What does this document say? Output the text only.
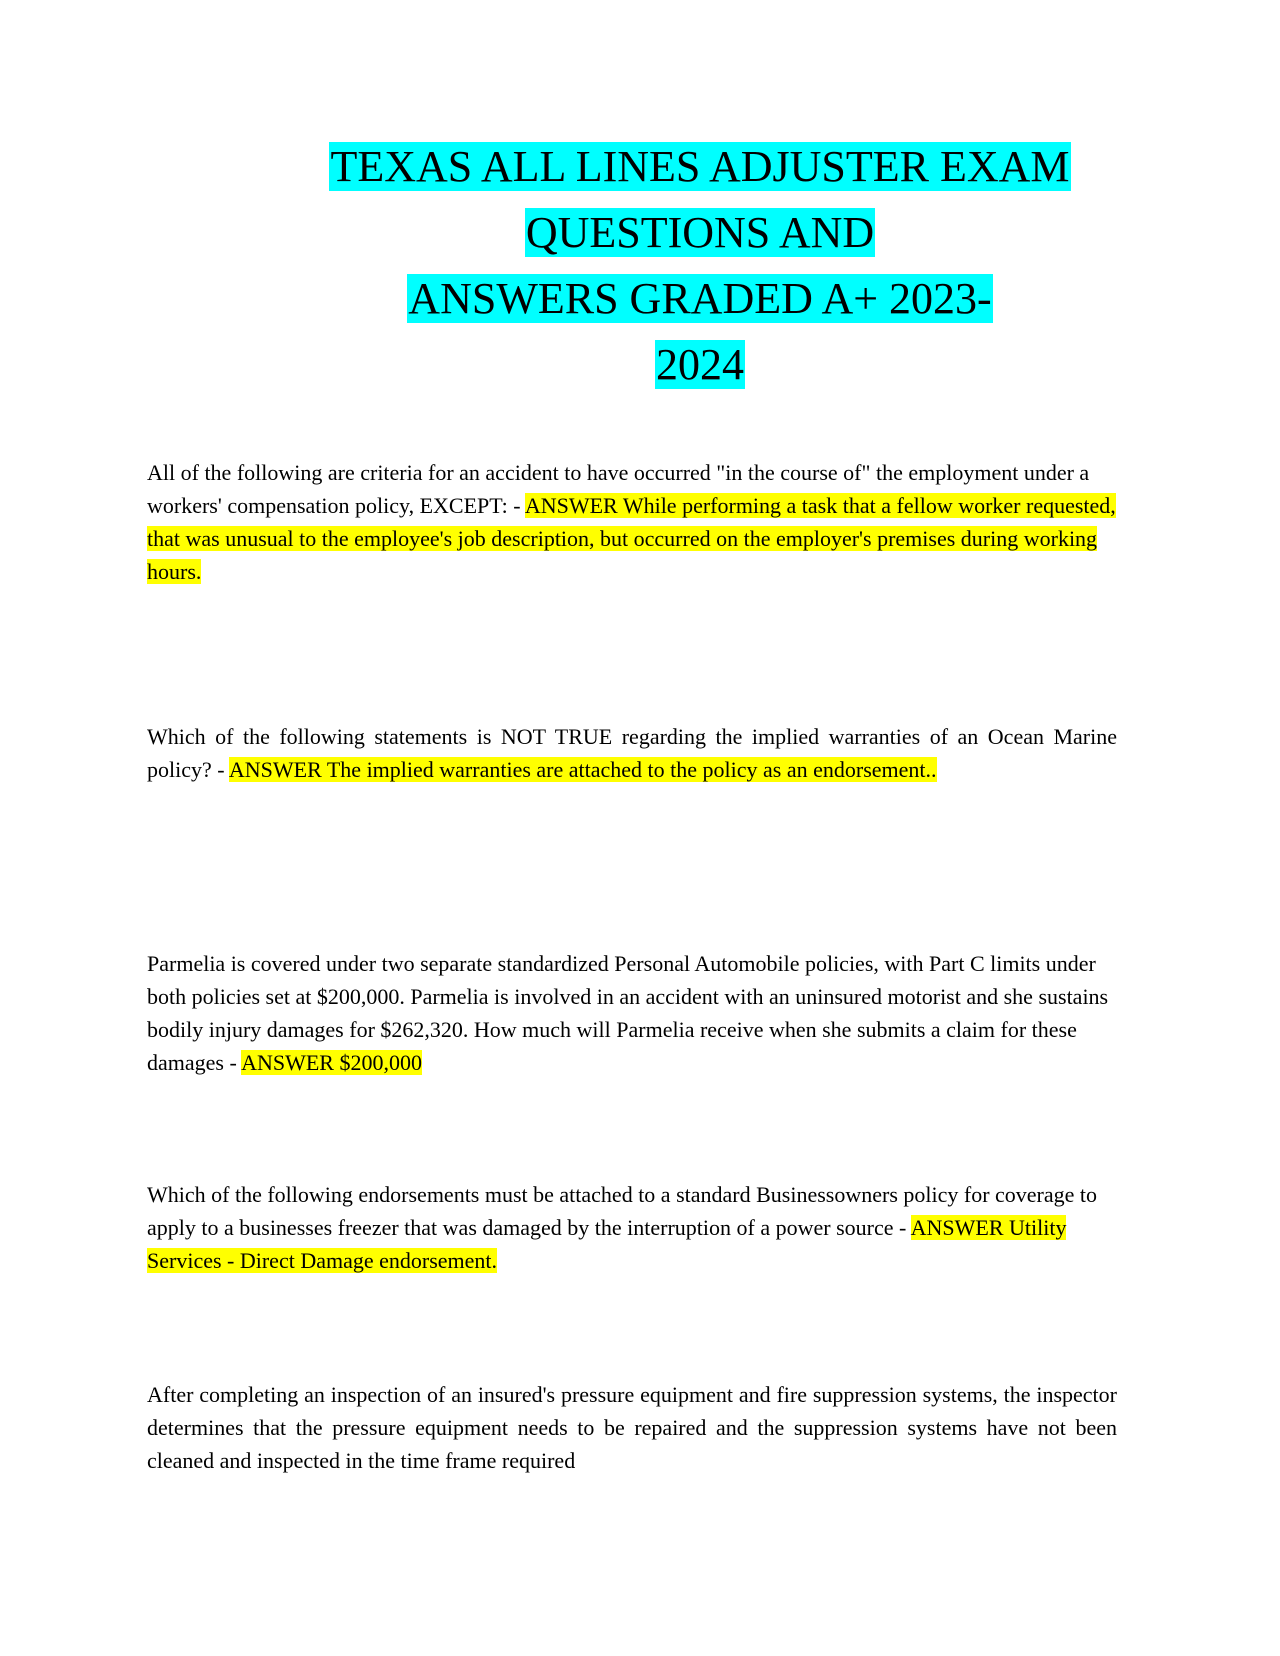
TEXAS ALL LINES ADJUSTER EXAM
QUESTIONS AND
ANSWERS GRADED A+ 2023-
2024
All of the following are criteria for an accident to have occurred "in the course of" the employment under a workers' compensation policy, EXCEPT: - ANSWER While performing a task that a fellow worker requested, that was unusual to the employee's job description, but occurred on the employer's premises during working hours.
Which of the following statements is NOT TRUE regarding the implied warranties of an Ocean Marine policy? - ANSWER The implied warranties are attached to the policy as an endorsement..
Parmelia is covered under two separate standardized Personal Automobile policies, with Part C limits under both policies set at $200,000. Parmelia is involved in an accident with an uninsured motorist and she sustains bodily injury damages for $262,320. How much will Parmelia receive when she submits a claim for these damages - ANSWER $200,000
Which of the following endorsements must be attached to a standard Businessowners policy for coverage to apply to a businesses freezer that was damaged by the interruption of a power source - ANSWER Utility Services - Direct Damage endorsement.
After completing an inspection of an insured's pressure equipment and fire suppression systems, the inspector determines that the pressure equipment needs to be repaired and the suppression systems have not been cleaned and inspected in the time frame required
